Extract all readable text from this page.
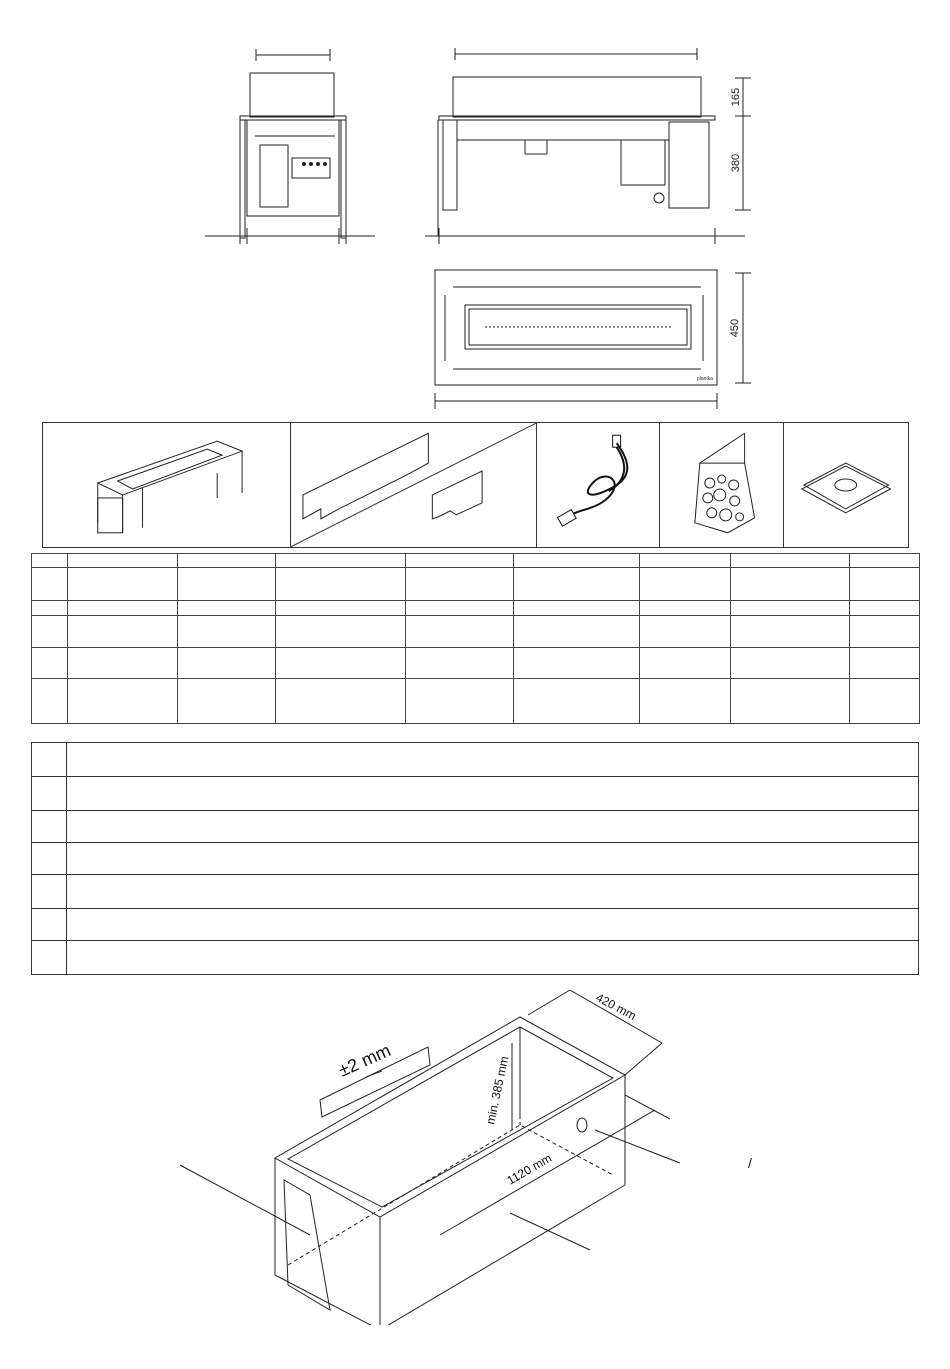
165
380
450
planika

±2 mm	min. 385 mm
420 mm
1120 mm	/
